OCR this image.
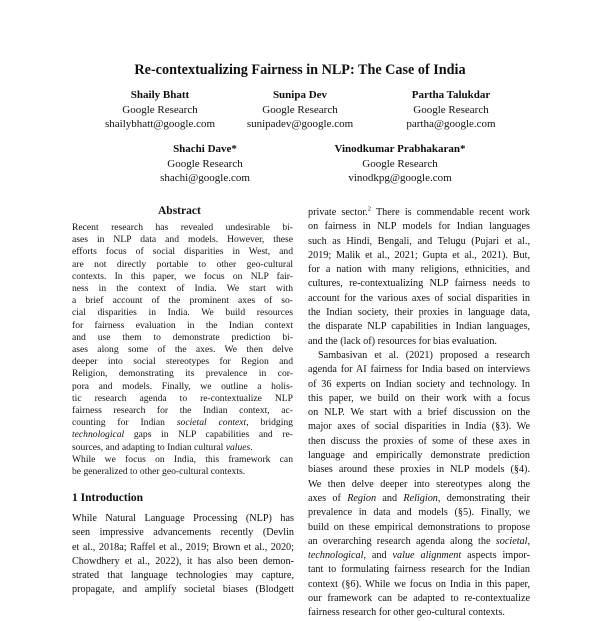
Re-contextualizing Fairness in NLP: The Case of India
Shaily Bhatt
Google Research
shailybhatt@google.com
Sunipa Dev
Google Research
sunipadev@google.com
Partha Talukdar
Google Research
partha@google.com
Shachi Dave*
Google Research
shachi@google.com
Vinodkumar Prabhakaran*
Google Research
vinodkpg@google.com
Abstract
Recent research has revealed undesirable bi-
ases in NLP data and models. However, these
efforts focus of social disparities in West, and
are not directly portable to other geo-cultural
contexts. In this paper, we focus on NLP fair-
ness in the context of India. We start with
a brief account of the prominent axes of so-
cial disparities in India. We build resources
for fairness evaluation in the Indian context
and use them to demonstrate prediction bi-
ases along some of the axes. We then delve
deeper into social stereotypes for Region and
Religion, demonstrating its prevalence in cor-
pora and models. Finally, we outline a holis-
tic research agenda to re-contextualize NLP
fairness research for the Indian context, ac-
counting for Indian societal context, bridging
technological gaps in NLP capabilities and re-
sources, and adapting to Indian cultural values.
While we focus on India, this framework can
be generalized to other geo-cultural contexts.
1 Introduction
While Natural Language Processing (NLP) has
seen impressive advancements recently (Devlin
et al., 2018a; Raffel et al., 2019; Brown et al., 2020;
Chowdhery et al., 2022), it has also been demon-
strated that language technologies may capture,
propagate, and amplify societal biases (Blodgett
private sector.$^2$ There is commendable recent work
on fairness in NLP models for Indian languages
such as Hindi, Bengali, and Telugu (Pujari et al.,
2019; Malik et al., 2021; Gupta et al., 2021). But,
for a nation with many religions, ethnicities, and
cultures, re-contextualizing NLP fairness needs to
account for the various axes of social disparities in
the Indian society, their proxies in language data,
the disparate NLP capabilities in Indian languages,
and the (lack of) resources for bias evaluation.
Sambasivan et al. (2021) proposed a research
agenda for AI fairness for India based on interviews
of 36 experts on Indian society and technology. In
this paper, we build on their work with a focus
on NLP. We start with a brief discussion on the
major axes of social disparities in India (§3). We
then discuss the proxies of some of these axes in
language and empirically demonstrate prediction
biases around these proxies in NLP models (§4).
We then delve deeper into stereotypes along the
axes of Region and Religion, demonstrating their
prevalence in data and models (§5). Finally, we
build on these empirical demonstrations to propose
an overarching research agenda along the societal,
technological, and value alignment aspects impor-
tant to formulating fairness research for the Indian
context (§6). While we focus on India in this paper,
our framework can be adapted to re-contextualize
fairness research for other geo-cultural contexts.
